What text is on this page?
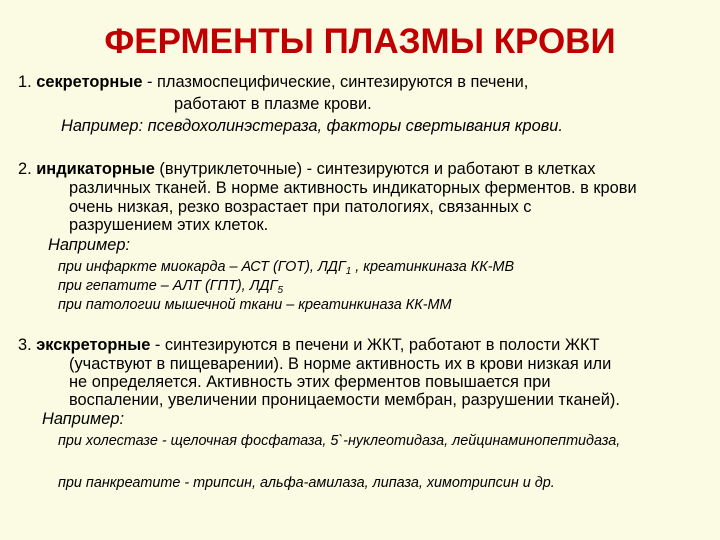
ФЕРМЕНТЫ ПЛАЗМЫ КРОВИ
1. секреторные - плазмоспецифические, синтезируются в печени,
работают в плазме крови.
Например: псевдохолинэстераза, факторы свертывания крови.
2. индикаторные (внутриклеточные) - синтезируются и работают в клетках
различных тканей. В норме активность индикаторных ферментов. в крови
очень низкая, резко возрастает при патологиях, связанных с
разрушением этих клеток.
Например:
при инфаркте миокарда – АСТ (ГОТ), $ЛДГ_1$ , креатинкиназа КК-МВ
при гепатите – АЛТ (ГПТ), $ЛДГ_5$
при патологии мышечной ткани – креатинкиназа КК-ММ
3. экскреторные - синтезируются в печени и ЖКТ, работают в полости ЖКТ
(участвуют в пищеварении). В норме активность их в крови низкая или
не определяется. Активность этих ферментов повышается при
воспалении, увеличении проницаемости мембран, разрушении тканей).
Например:
при холестазе - щелочная фосфатаза, 5`-нуклеотидаза, лейцинаминопептидаза,
при панкреатите - трипсин, альфа-амилаза, липаза, химотрипсин и др.
